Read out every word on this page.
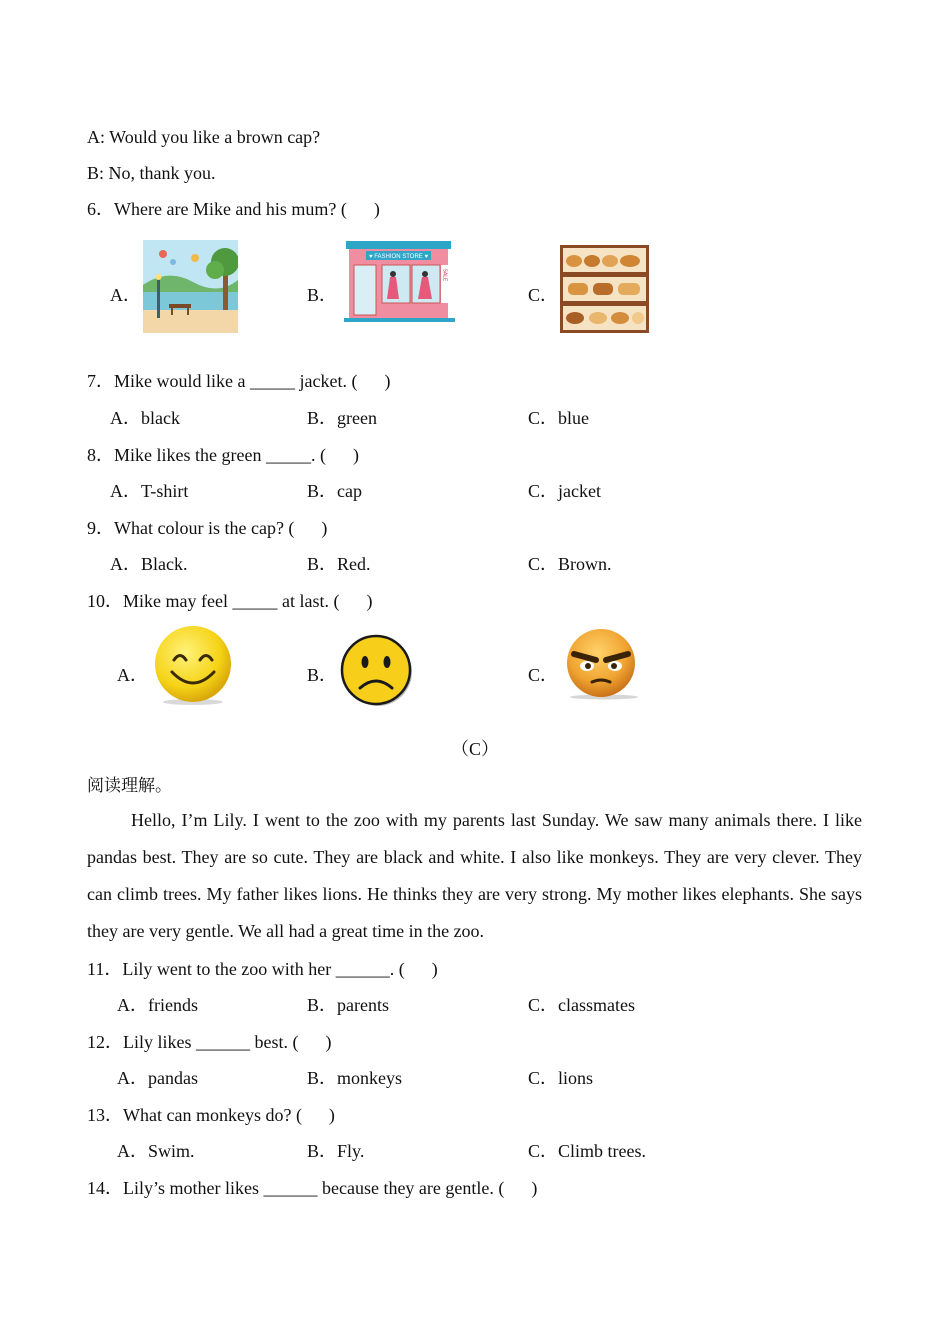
A: Would you like a brown cap?
B: No, thank you.
6．Where are Mike and his mum? (      )
A．	B．
♥ FASHION STORE ♥
SALE
C．
7．Mike would like a _____ jacket. (      )
A．black	B．green	C．blue
8．Mike likes the green _____. (      )
A．T-shirt	B．cap	C．jacket
9．What colour is the cap? (      )
A．Black.	B．Red.	C．Brown.
10．Mike may feel _____ at last. (      )
A．	B．	C．
（C）
阅读理解。
Hello, I’m Lily. I went to the zoo with my parents last Sunday. We saw many animals there. I like pandas best. They are so cute. They are black and white. I also like monkeys. They are very clever. They can climb trees. My father likes lions. He thinks they are very strong. My mother likes elephants. She says they are very gentle. We all had a great time in the zoo.
11．Lily went to the zoo with her ______. (      )
A．friends	B．parents	C．classmates
12．Lily likes ______ best. (      )
A．pandas	B．monkeys	C．lions
13．What can monkeys do? (      )
A．Swim.	B．Fly.	C．Climb trees.
14．Lily’s mother likes ______ because they are gentle. (      )
